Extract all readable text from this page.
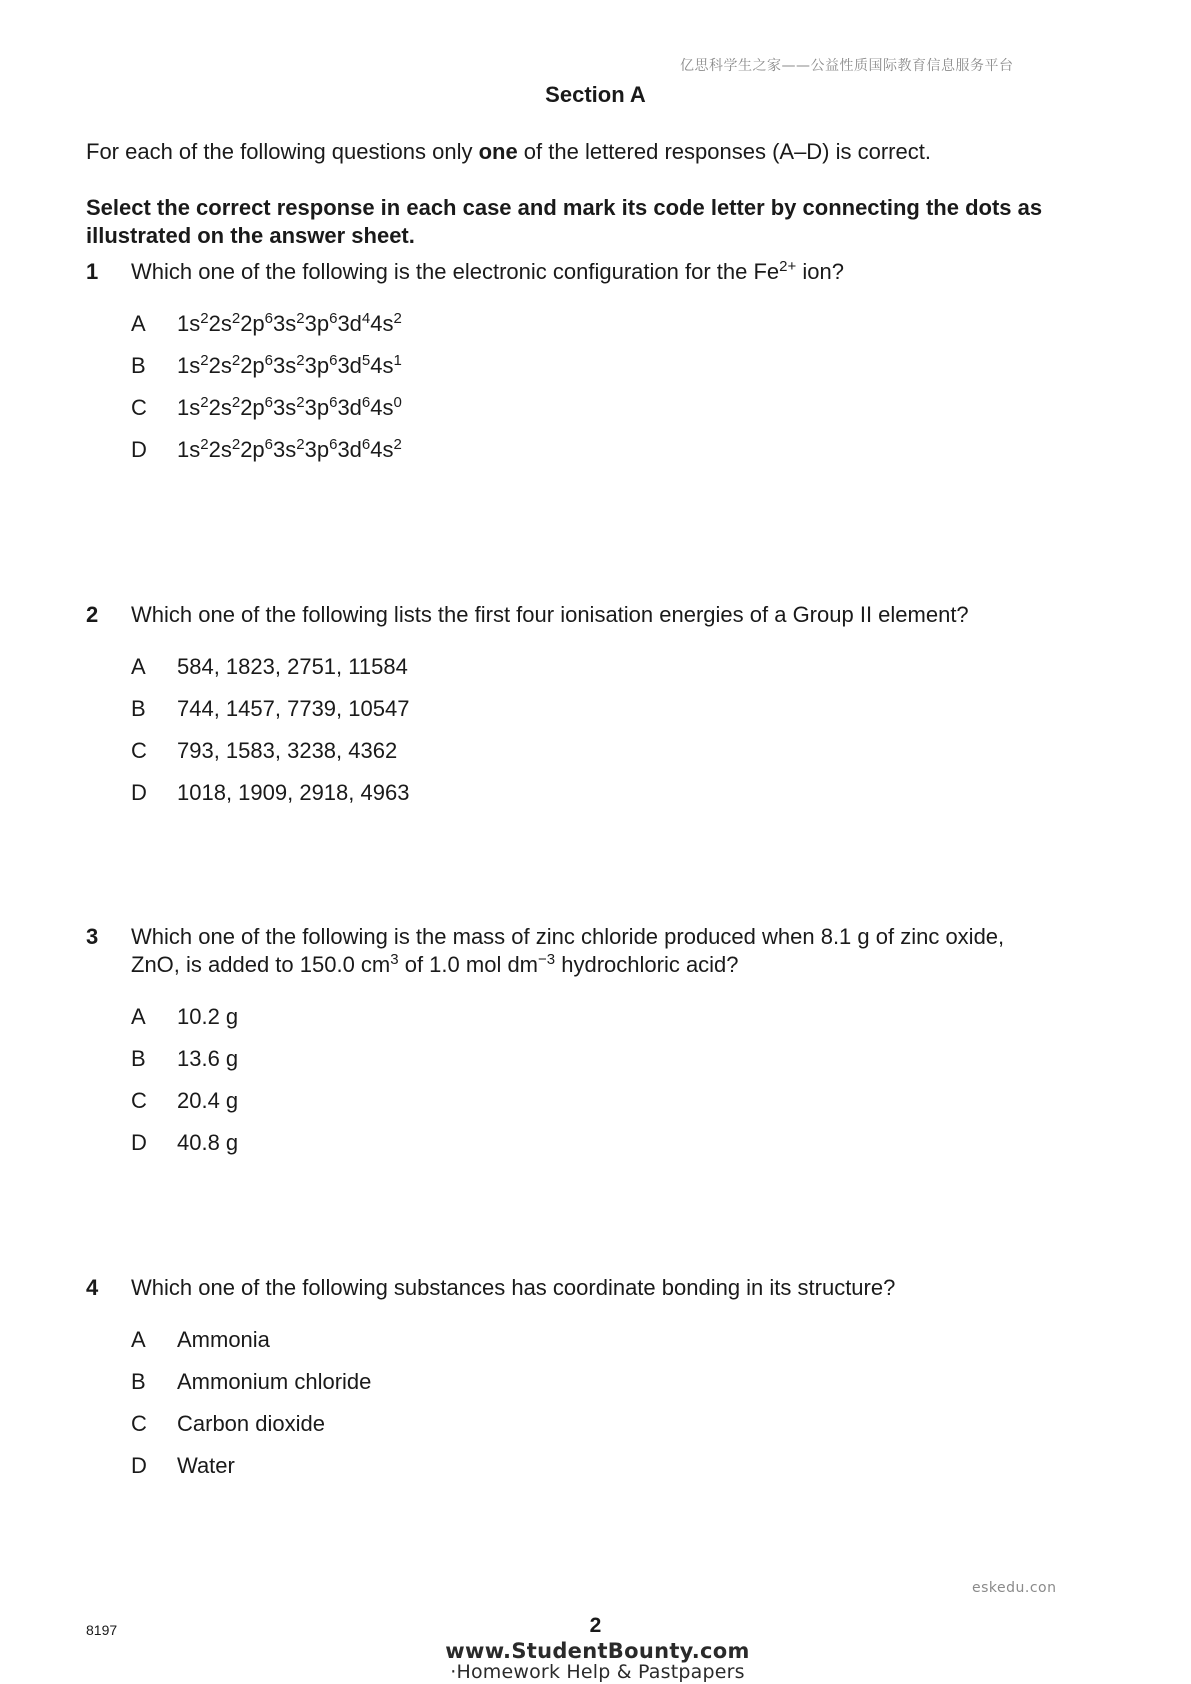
亿思科学生之家——公益性质国际教育信息服务平台
Section A
For each of the following questions only one of the lettered responses (A–D) is correct.
Select the correct response in each case and mark its code letter by connecting the dots as illustrated on the answer sheet.
1 Which one of the following is the electronic configuration for the $Fe^{2+}$ ion?
A	$1s^22s^22p^63s^23p^63d^44s^2$
B	$1s^22s^22p^63s^23p^63d^54s^1$
C	$1s^22s^22p^63s^23p^63d^64s^0$
D	$1s^22s^22p^63s^23p^63d^64s^2$
2 Which one of the following lists the first four ionisation energies of a Group II element?
A	584, 1823, 2751, 11584
B	744, 1457, 7739, 10547
C	793, 1583, 3238, 4362
D	1018, 1909, 2918, 4963
3 Which one of the following is the mass of zinc chloride produced when 8.1 g of zinc oxide,
ZnO, is added to 150.0 $cm^3$ of 1.0 mol $dm^{-3}$ hydrochloric acid?
A	10.2 g
B	13.6 g
C	20.4 g
D	40.8 g
4 Which one of the following substances has coordinate bonding in its structure?
A	Ammonia
B	Ammonium chloride
C	Carbon dioxide
D	Water
eskedu.con
8197	2
www.StudentBounty.com
·Homework Help & Pastpapers
